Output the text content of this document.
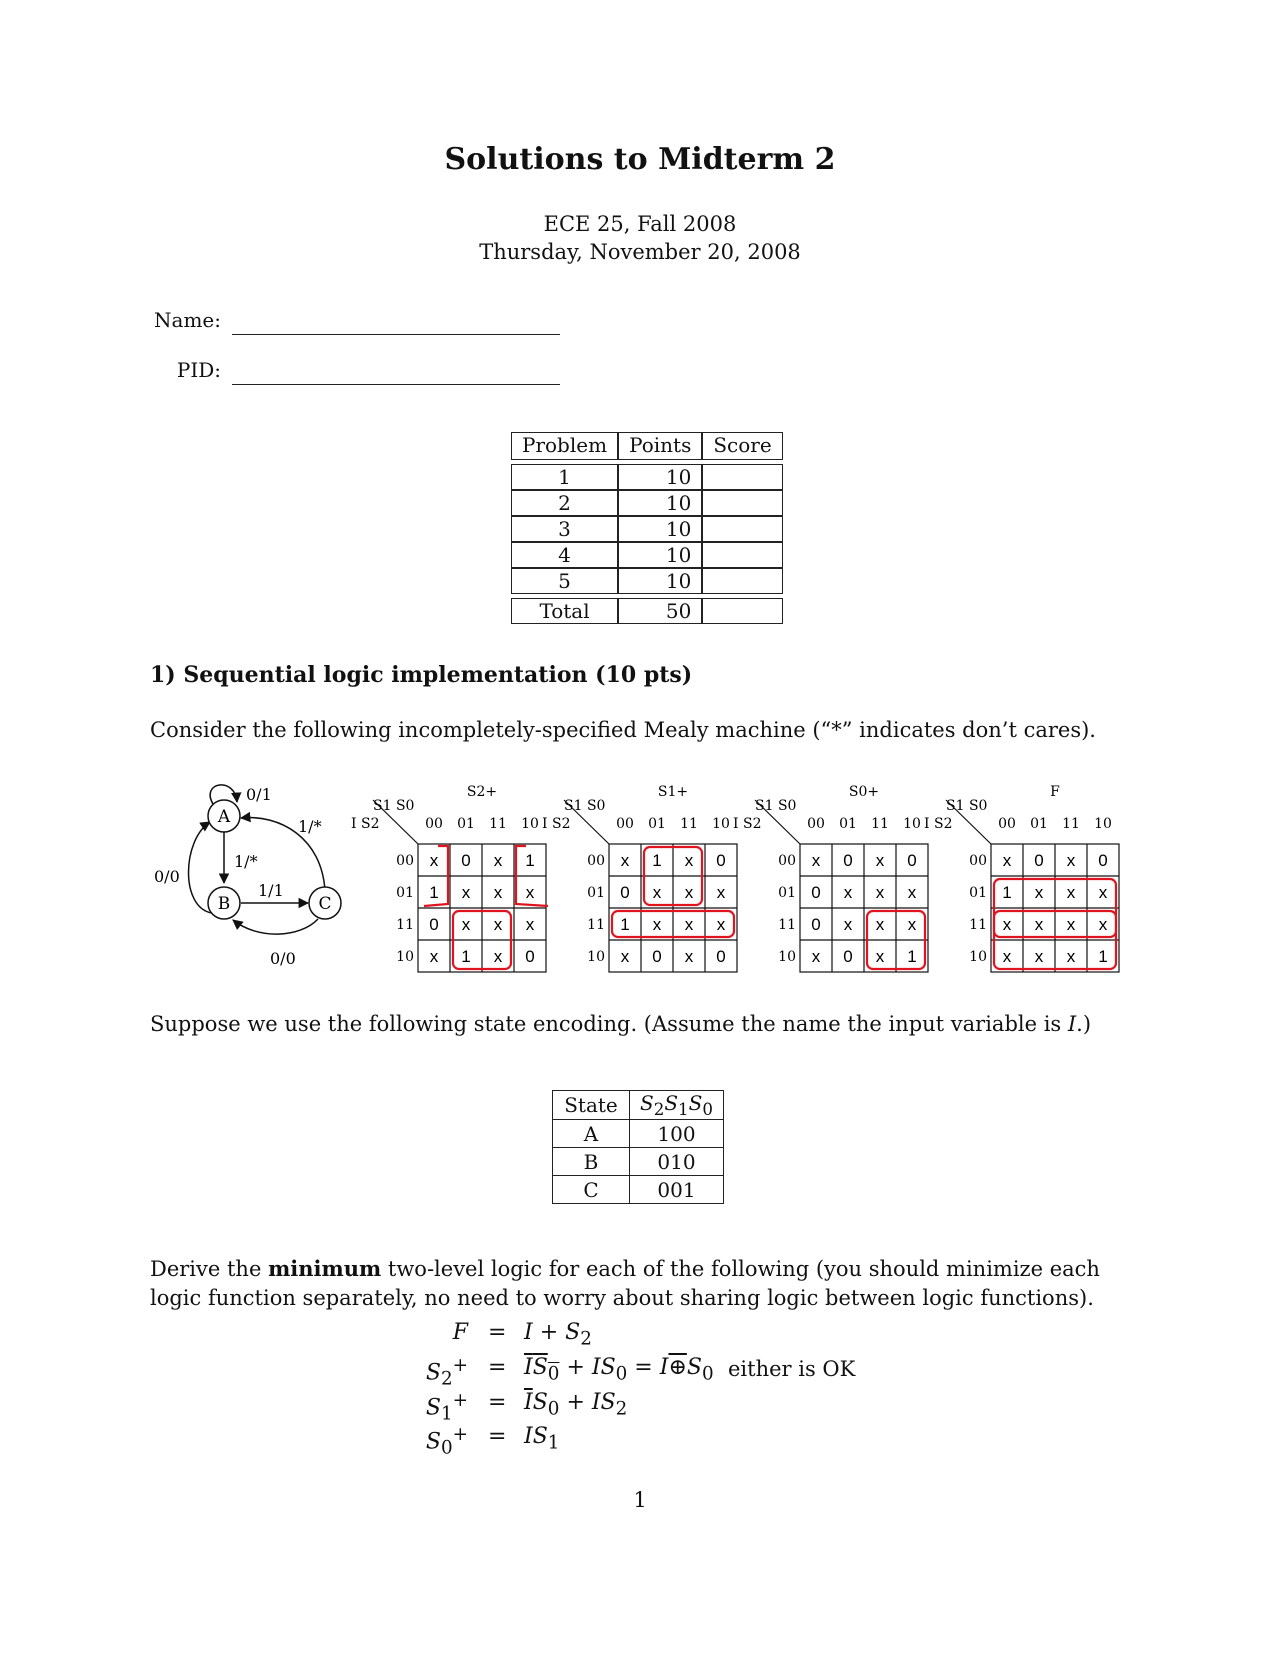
Solutions to Midterm 2
ECE 25, Fall 2008
Thursday, November 20, 2008
Name:
PID:
Problem	Points	Score

1	10	
2	10	
3	10	
4	10	
5	10	

Total	50	
1) Sequential logic implementation (10 pts)
Consider the following incompletely-specified Mealy machine (“*” indicates don’t cares).
0/1
1/*
1/*
0/0
1/1
0/0
A
B	C
S2+
S1 S0
I S2	00 01 11 10
00
01
11
10
x 0 x 1
1 x x x
0 x x x
x 1 x 0
S1+
S1 S0
I S2	00 01 11 10
00
01
11
10
x 1 x 0
0 x x x
1 x x x
x 0 x 0
S0+
S1 S0
I S2	00 01 11 10
00
01
11
10
x 0 x 0
0 x x x
0 x x x
x 0 x 1
F
S1 S0
I S2	00 01 11 10
00
01
11
10
x 0 x 0
1 x x x
x x x x
x x x 1
Suppose we use the following state encoding. (Assume the name the input variable is I.)
State	$S_2S_1S_0$
A	100
B	010
C	001
Derive the minimum two-level logic for each of the following (you should minimize each logic function separately, no need to worry about sharing logic between logic functions).
$F = I + S_2$
$S_2^+ = \overline{I}\overline{S}_0 + IS_0$ = $I\oplus S_0$ either is OK
$S_1^+ = \overline{I}S_0 + IS_2$
$S_0^+ = IS_1$
1
